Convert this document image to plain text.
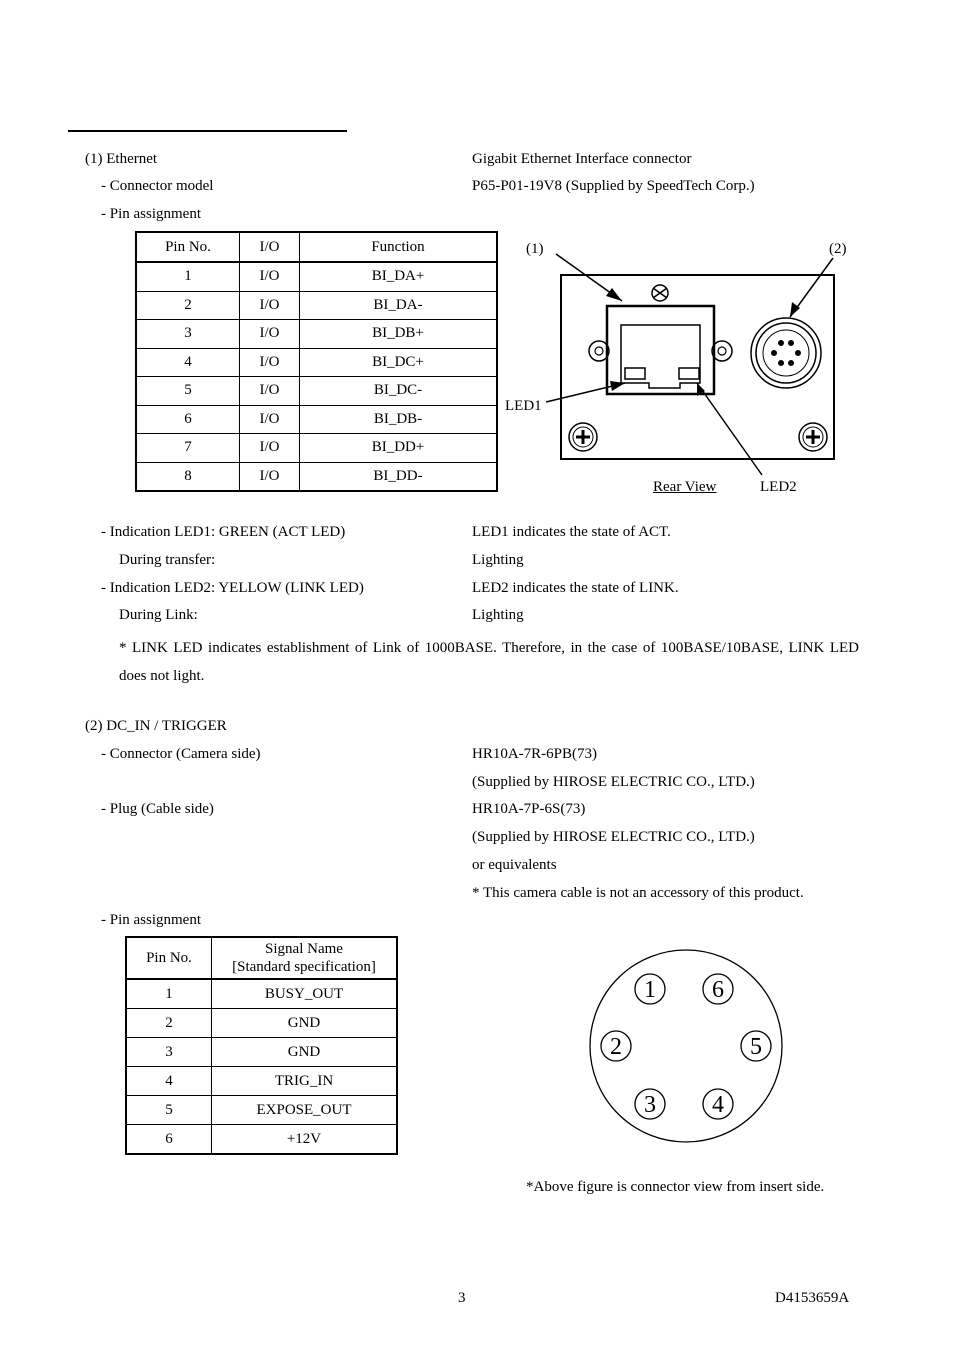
(1) Ethernet	Gigabit Ethernet Interface connector
- Connector model	P65-P01-19V8 (Supplied by SpeedTech Corp.)
- Pin assignment
Pin No.	I/O	Function
1	I/O	BI_DA+
2	I/O	BI_DA-
3	I/O	BI_DB+
4	I/O	BI_DC+
5	I/O	BI_DC-
6	I/O	BI_DB-
7	I/O	BI_DD+
8	I/O	BI_DD-
(1)	(2)
LED1
LED2
Rear View
- Indication LED1: GREEN (ACT LED)	LED1 indicates the state of ACT.
During transfer:	Lighting
- Indication LED2: YELLOW (LINK LED)	LED2 indicates the state of LINK.
During Link:	Lighting
* LINK LED indicates establishment of Link of 1000BASE. Therefore, in the case of 100BASE/10BASE, LINK LED does not light.
(2) DC_IN / TRIGGER
- Connector (Camera side)	HR10A-7R-6PB(73)
(Supplied by HIROSE ELECTRIC CO., LTD.)
- Plug (Cable side)	HR10A-7P-6S(73)
(Supplied by HIROSE ELECTRIC CO., LTD.)
or equivalents
* This camera cable is not an accessory of this product.
- Pin assignment
Pin No.	Signal Name
[Standard specification]

1	BUSY_OUT
2	GND
3	GND
4	TRIG_IN
5	EXPOSE_OUT
6	+12V
1 6
2	5
3 4
*Above figure is connector view from insert side.
3	D4153659A
